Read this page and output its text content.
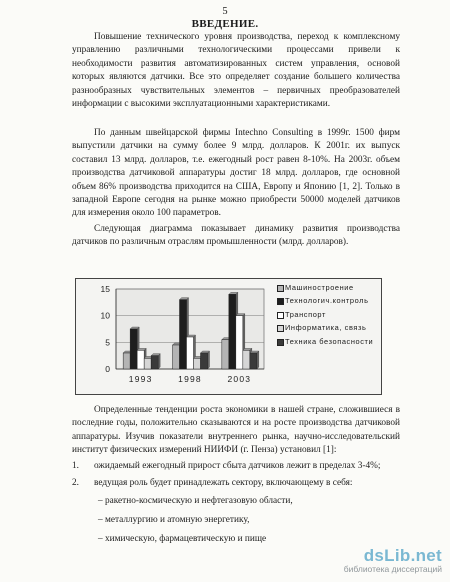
5
ВВЕДЕНИЕ.

Повышение технического уровня производства, переход к комплексному управлению различными технологическими процессами привели к необходимости развития автоматизированных систем управления, основой которых являются датчики. Все это определяет создание большего количества разнообразных чувствительных элементов – первичных преобразователей информации с высокими эксплуатационными характеристиками.

По данным швейцарской фирмы Intechno Consulting в 1999г. 1500 фирм выпустили датчики на сумму более 9 млрд. долларов. К 2001г. их выпуск составил 13 млрд. долларов, т.е. ежегодный рост равен 8-10%. На 2003г. объем производства датчиковой аппаратуры достиг 18 млрд. долларов, где основной объем 86% производства приходится на США, Европу и Японию [1, 2]. Только в западной Европе сегодня на рынке можно приобрести 50000 моделей датчиков для измерения около 100 параметров.

Следующая диаграмма показывает динамику развития производства датчиков по различным отраслям промышленности (млрд. долларов).

0
5
10
15
1993	1998	2003
Машиностроение
Технологич.контроль
Транспорт
Информатика, связь
Техника безопасности

Определенные тенденции роста экономики в нашей стране, сложившиеся в последние годы, положительно сказываются и на росте производства датчиковой аппаратуры. Изучив показатели внутреннего рынка, научно-исследовательский институт физических измерений НИИФИ (г. Пенза) установил [1]:

1. ожидаемый ежегодный прирост сбыта датчиков лежит в пределах 3-4%;
2. ведущая роль будет принадлежать сектору, включающему в себя:
– ракетно-космическую и нефтегазовую области,
– металлургию и атомную энергетику,
– химическую, фармацевтическую и пище
dsLib.net
библиотека диссертаций
